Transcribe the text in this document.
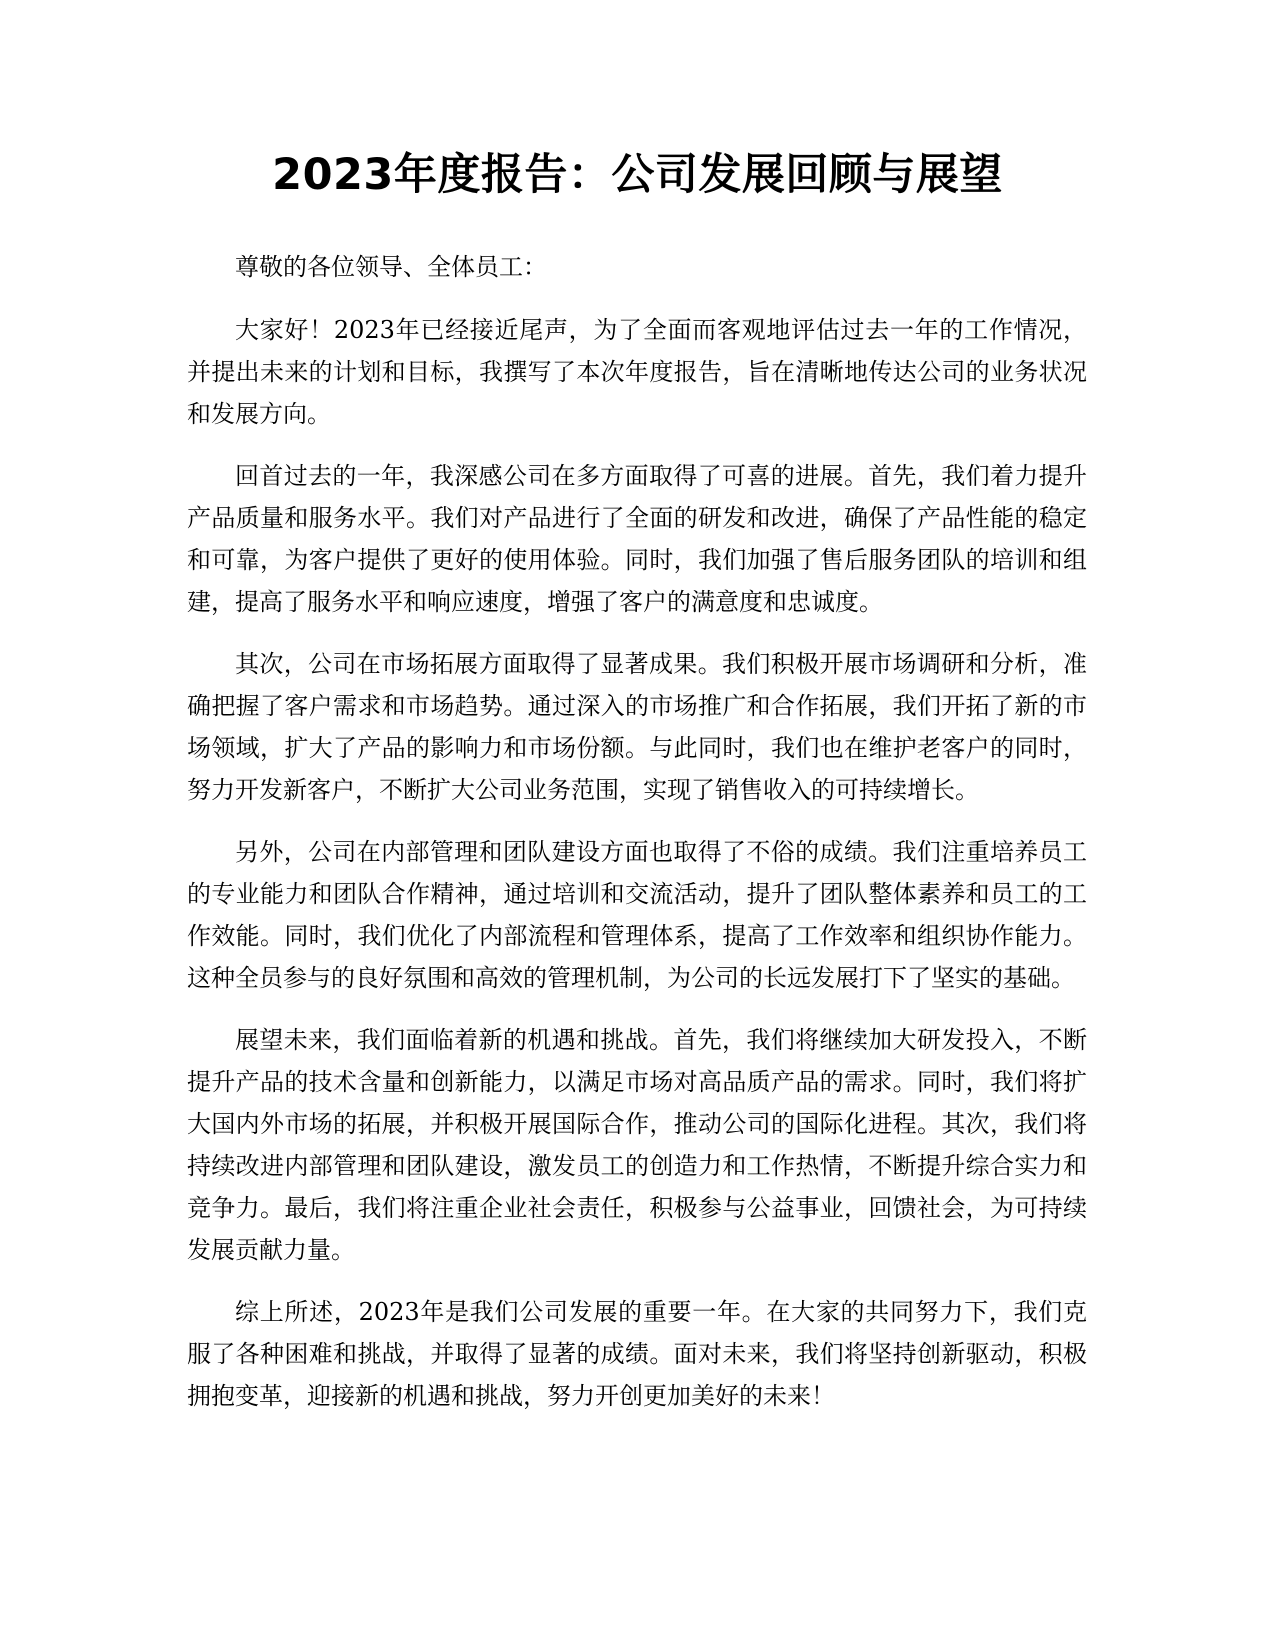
2023年度报告：公司发展回顾与展望

尊敬的各位领导、全体员工：

大家好！2023年已经接近尾声，为了全面而客观地评估过去一年的工作情况，并提出未来的计划和目标，我撰写了本次年度报告，旨在清晰地传达公司的业务状况和发展方向。

回首过去的一年，我深感公司在多方面取得了可喜的进展。首先，我们着力提升产品质量和服务水平。我们对产品进行了全面的研发和改进，确保了产品性能的稳定和可靠，为客户提供了更好的使用体验。同时，我们加强了售后服务团队的培训和组建，提高了服务水平和响应速度，增强了客户的满意度和忠诚度。

其次，公司在市场拓展方面取得了显著成果。我们积极开展市场调研和分析，准确把握了客户需求和市场趋势。通过深入的市场推广和合作拓展，我们开拓了新的市场领域，扩大了产品的影响力和市场份额。与此同时，我们也在维护老客户的同时，努力开发新客户，不断扩大公司业务范围，实现了销售收入的可持续增长。

另外，公司在内部管理和团队建设方面也取得了不俗的成绩。我们注重培养员工的专业能力和团队合作精神，通过培训和交流活动，提升了团队整体素养和员工的工作效能。同时，我们优化了内部流程和管理体系，提高了工作效率和组织协作能力。这种全员参与的良好氛围和高效的管理机制，为公司的长远发展打下了坚实的基础。

展望未来，我们面临着新的机遇和挑战。首先，我们将继续加大研发投入，不断提升产品的技术含量和创新能力，以满足市场对高品质产品的需求。同时，我们将扩大国内外市场的拓展，并积极开展国际合作，推动公司的国际化进程。其次，我们将持续改进内部管理和团队建设，激发员工的创造力和工作热情，不断提升综合实力和竞争力。最后，我们将注重企业社会责任，积极参与公益事业，回馈社会，为可持续发展贡献力量。

综上所述，2023年是我们公司发展的重要一年。在大家的共同努力下，我们克服了各种困难和挑战，并取得了显著的成绩。面对未来，我们将坚持创新驱动，积极拥抱变革，迎接新的机遇和挑战，努力开创更加美好的未来！
